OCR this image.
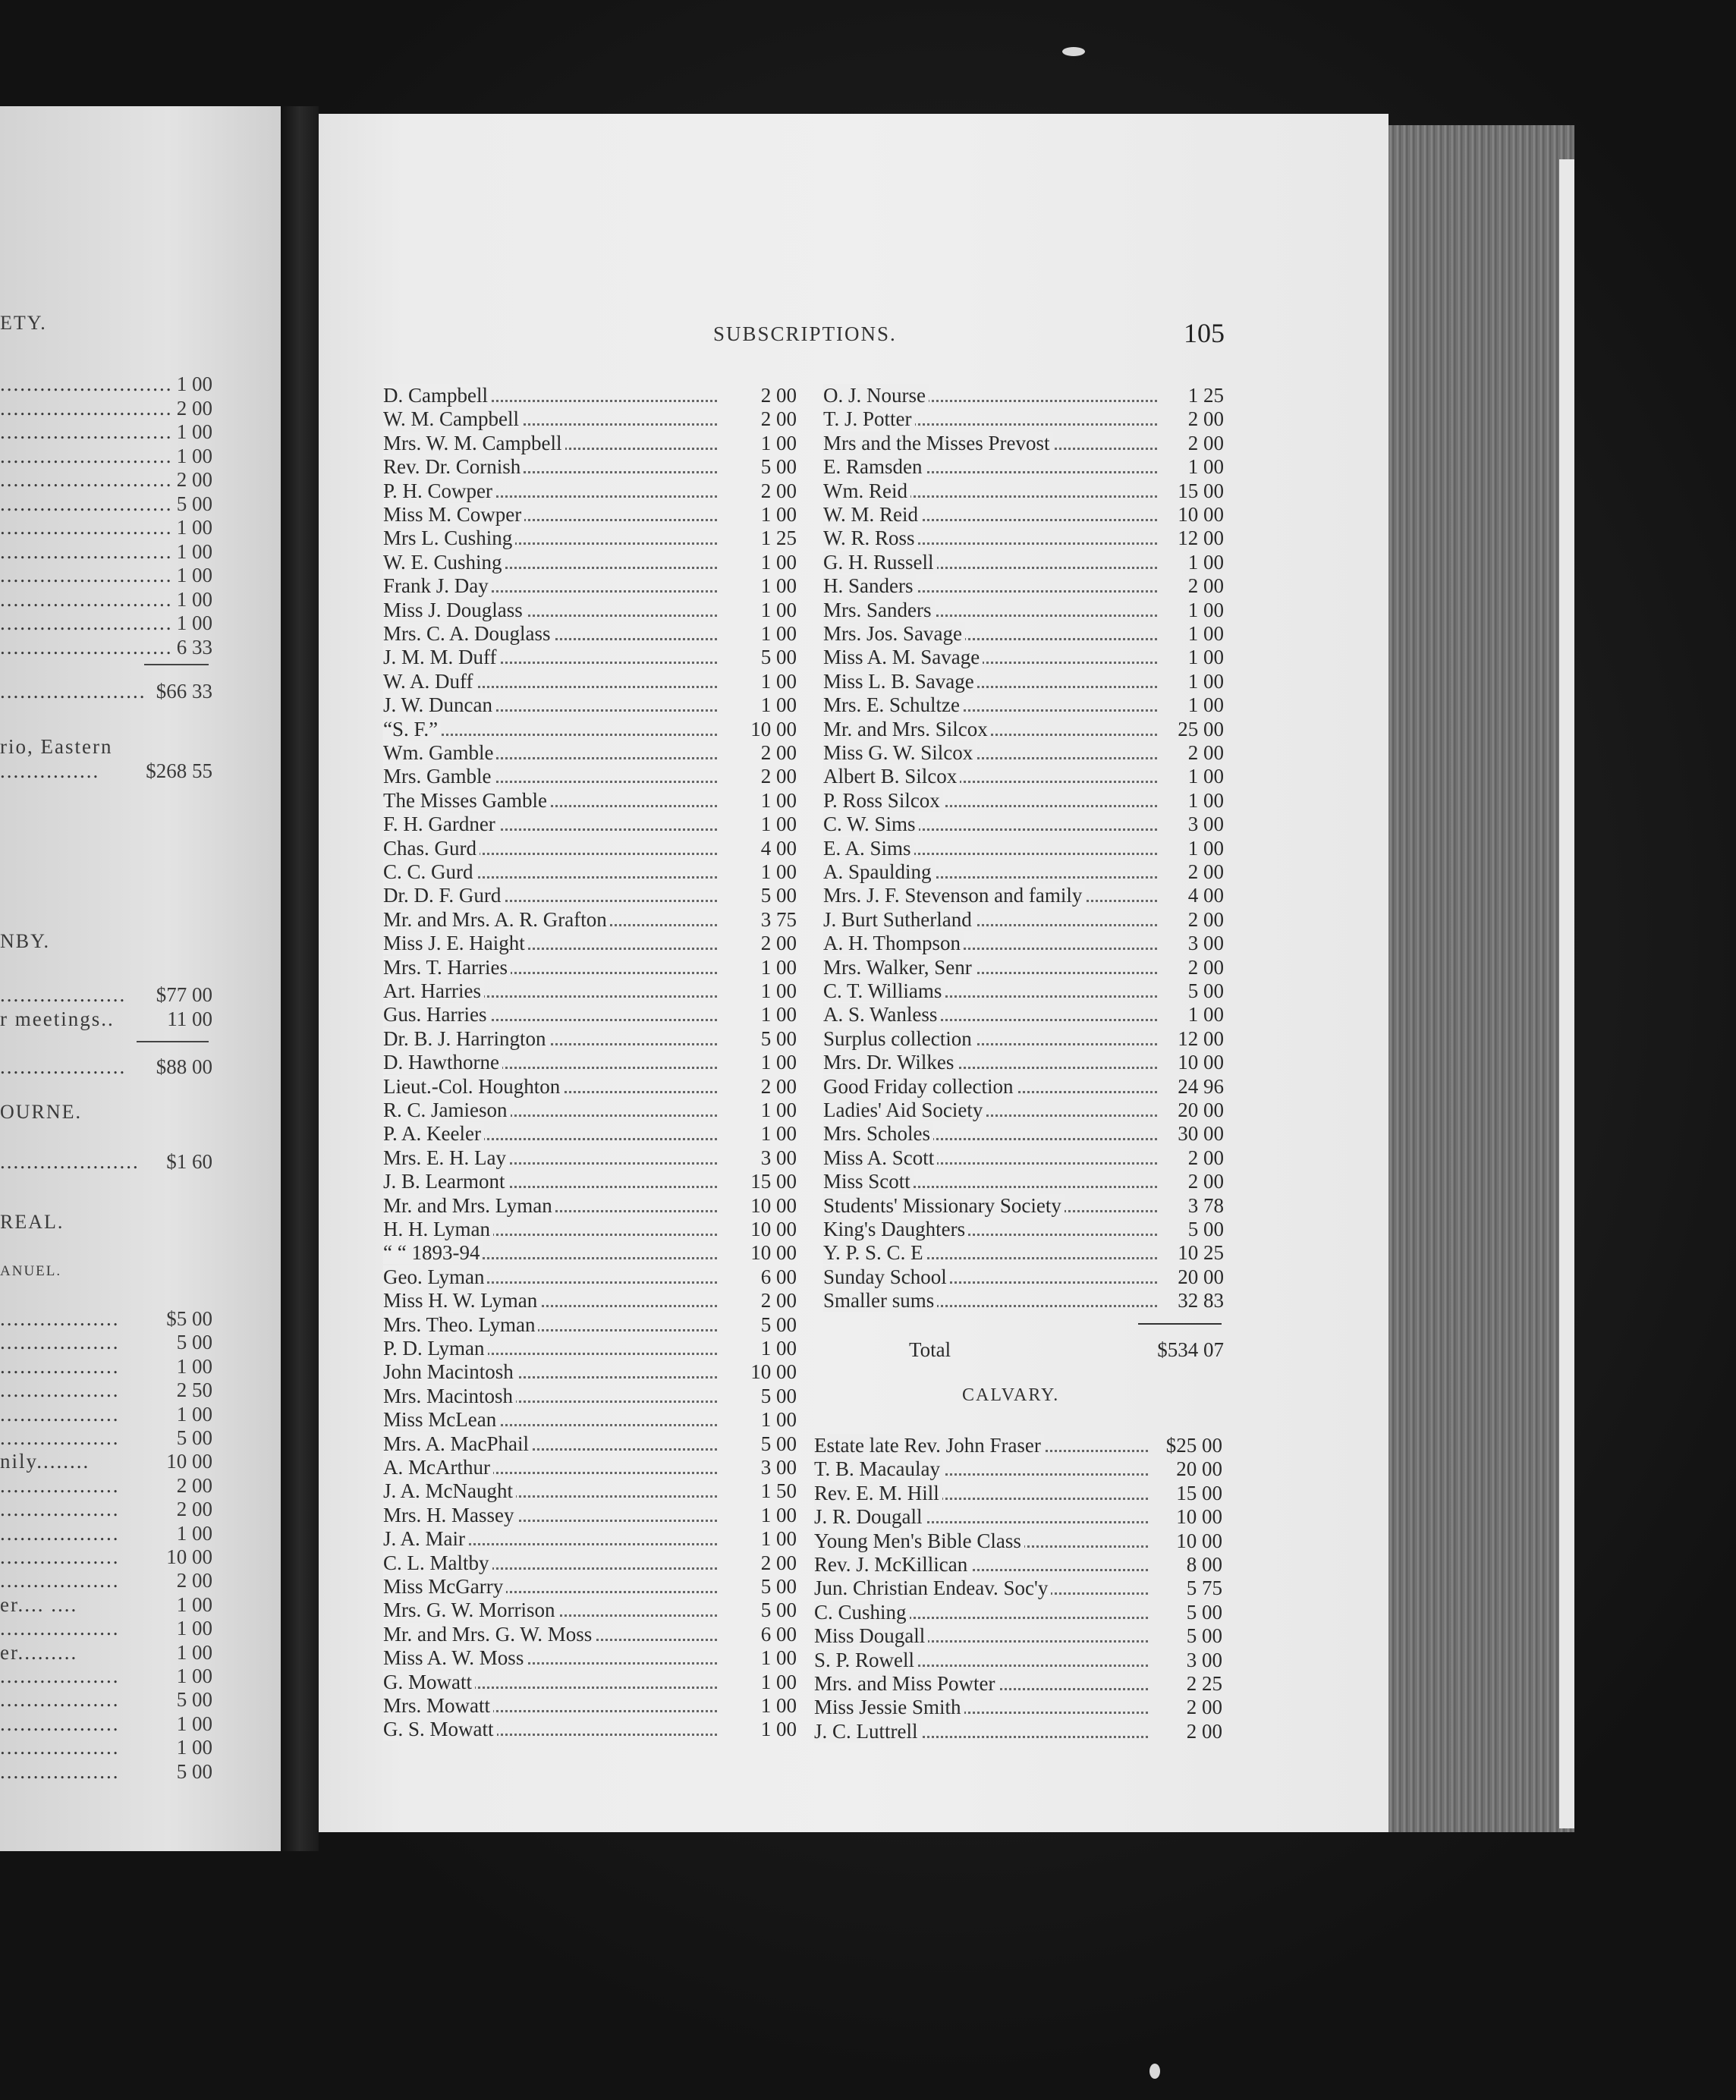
SUBSCRIPTIONS.	105
D. Campbell	2 00
W. M. Campbell	2 00
Mrs. W. M. Campbell	1 00
Rev. Dr. Cornish	5 00
P. H. Cowper	2 00
Miss M. Cowper	1 00
Mrs L. Cushing	1 25
W. E. Cushing	1 00
Frank J. Day	1 00
Miss J. Douglass	1 00
Mrs. C. A. Douglass	1 00
J. M. M. Duff	5 00
W. A. Duff	1 00
J. W. Duncan	1 00
“S. F.”	10 00
Wm. Gamble	2 00
Mrs. Gamble	2 00
The Misses Gamble	1 00
F. H. Gardner	1 00
Chas. Gurd	4 00
C. C. Gurd	1 00
Dr. D. F. Gurd	5 00
Mr. and Mrs. A. R. Grafton	3 75
Miss J. E. Haight	2 00
Mrs. T. Harries	1 00
Art. Harries	1 00
Gus. Harries	1 00
Dr. B. J. Harrington	5 00
D. Hawthorne	1 00
Lieut.-Col. Houghton	2 00
R. C. Jamieson	1 00
P. A. Keeler	1 00
Mrs. E. H. Lay	3 00
J. B. Learmont	15 00
Mr. and Mrs. Lyman	10 00
H. H. Lyman	10 00
“ “ 1893-94	10 00
Geo. Lyman	6 00
Miss H. W. Lyman	2 00
Mrs. Theo. Lyman	5 00
P. D. Lyman	1 00
John Macintosh	10 00
Mrs. Macintosh	5 00
Miss McLean	1 00
Mrs. A. MacPhail	5 00
A. McArthur	3 00
J. A. McNaught	1 50
Mrs. H. Massey	1 00
J. A. Mair	1 00
C. L. Maltby	2 00
Miss McGarry	5 00
Mrs. G. W. Morrison	5 00
Mr. and Mrs. G. W. Moss	6 00
Miss A. W. Moss	1 00
G. Mowatt	1 00
Mrs. Mowatt	1 00
G. S. Mowatt	1 00
O. J. Nourse	1 25
T. J. Potter	2 00
Mrs and the Misses Prevost	2 00
E. Ramsden	1 00
Wm. Reid	15 00
W. M. Reid	10 00
W. R. Ross	12 00
G. H. Russell	1 00
H. Sanders	2 00
Mrs. Sanders	1 00
Mrs. Jos. Savage	1 00
Miss A. M. Savage	1 00
Miss L. B. Savage	1 00
Mrs. E. Schultze	1 00
Mr. and Mrs. Silcox	25 00
Miss G. W. Silcox	2 00
Albert B. Silcox	1 00
P. Ross Silcox	1 00
C. W. Sims	3 00
E. A. Sims	1 00
A. Spaulding	2 00
Mrs. J. F. Stevenson and family	4 00
J. Burt Sutherland	2 00
A. H. Thompson	3 00
Mrs. Walker, Senr	2 00
C. T. Williams	5 00
A. S. Wanless	1 00
Surplus collection	12 00
Mrs. Dr. Wilkes	10 00
Good Friday collection	24 96
Ladies' Aid Society	20 00
Mrs. Scholes	30 00
Miss A. Scott	2 00
Miss Scott	2 00
Students' Missionary Society	3 78
King's Daughters	5 00
Y. P. S. C. E	10 25
Sunday School	20 00
Smaller sums	32 83
Estate late Rev. John Fraser	$25 00
T. B. Macaulay	20 00
Rev. E. M. Hill	15 00
J. R. Dougall	10 00
Young Men's Bible Class	10 00
Rev. J. McKillican	8 00
Jun. Christian Endeav. Soc'y	5 75
C. Cushing	5 00
Miss Dougall	5 00
S. P. Rowell	3 00
Mrs. and Miss Powter	2 25
Miss Jessie Smith	2 00
J. C. Luttrell	2 00
Total	$534 07
CALVARY.
ETY.
.......................... 1 00
.......................... 2 00
.......................... 1 00
.......................... 1 00
.......................... 2 00
.......................... 5 00
.......................... 1 00
.......................... 1 00
.......................... 1 00
.......................... 1 00
.......................... 1 00
.......................... 6 33
...................... $66 33
rio, Eastern
...............	$268 55
NBY.
...................	$77 00
r meetings..	11 00
...................	$88 00
OURNE.
.....................	$1 60
REAL.
ANUEL.
..................	$5 00
..................	5 00
..................	1 00
..................	2 50
..................	1 00
..................	5 00
nily........	10 00
..................	2 00
..................	2 00
..................	1 00
..................	10 00
..................	2 00
er.... ....	1 00
..................	1 00
er.........	1 00
..................	1 00
..................	5 00
..................	1 00
..................	1 00
..................	5 00
